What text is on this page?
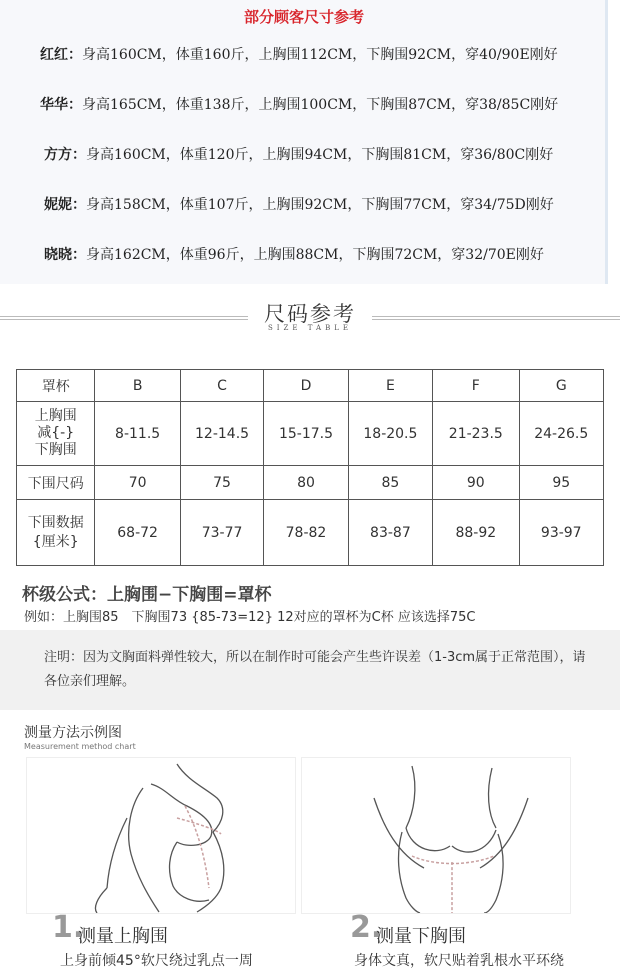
部分顾客尺寸参考
红红：身高160CM，体重160斤，上胸围112CM，下胸围92CM，穿40/90E刚好
华华：身高165CM，体重138斤，上胸围100CM，下胸围87CM，穿38/85C刚好
方方：身高160CM，体重120斤，上胸围94CM，下胸围81CM，穿36/80C刚好
妮妮：身高158CM，体重107斤，上胸围92CM，下胸围77CM，穿34/75D刚好
晓晓：身高162CM，体重96斤，上胸围88CM，下胸围72CM，穿32/70E刚好
尺码参考
SIZE TABLE
罩杯	B	C	D	E	F	G
上胸围
减{-}
下胸围	8-11.5	12-14.5	15-17.5	18-20.5	21-23.5	24-26.5
下围尺码	70	75	80	85	90	95
下围数据
{厘米}	68-72	73-77	78-82	83-87	88-92	93-97
杯级公式：上胸围−下胸围=罩杯
例如：上胸围85　下胸围73 {85-73=12} 12对应的罩杯为C杯 应该选择75C
注明：因为文胸面料弹性较大，所以在制作时可能会产生些许误差（1-3cm属于正常范围），请各位亲们理解。
测量方法示例图
Measurement method chart
1.
测量上胸围
上身前倾45°软尺绕过乳点一周
2.
测量下胸围
身体文真，软尺贴着乳根水平环绕
